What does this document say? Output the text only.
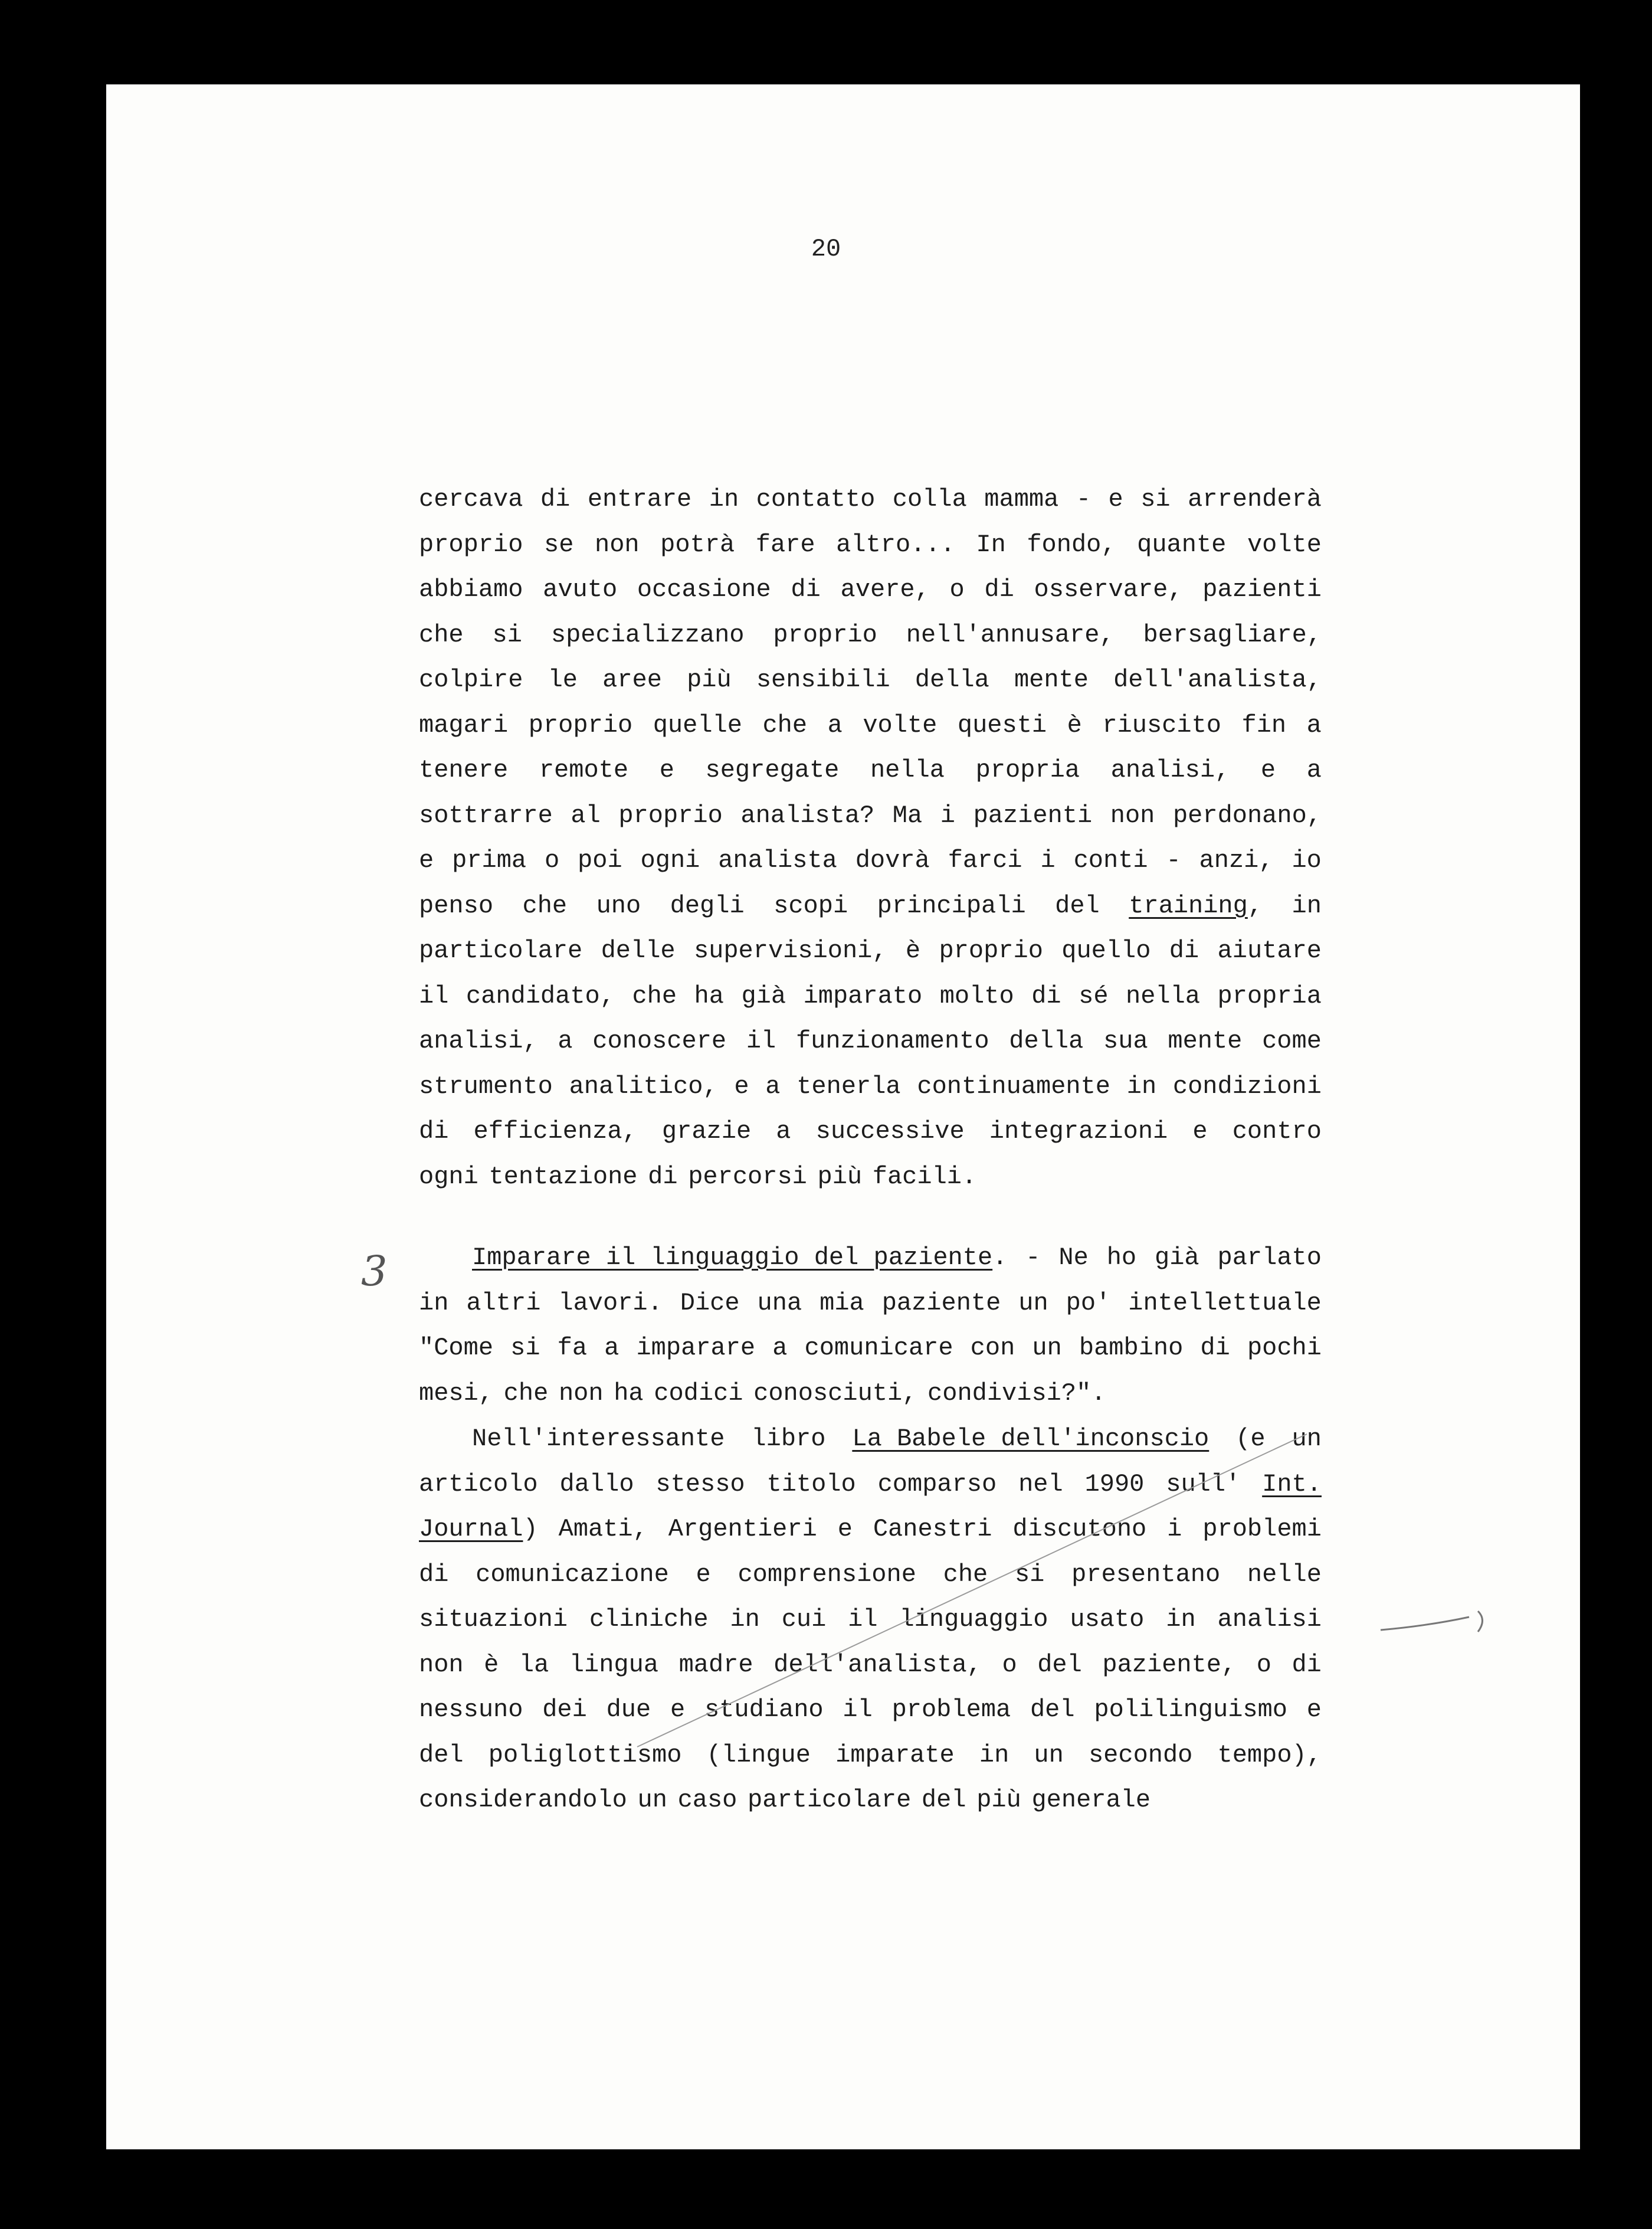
20
cercava di entrare in contatto colla mamma - e si arrenderà
proprio se non potrà fare altro... In fondo, quante volte
abbiamo avuto occasione di avere, o di osservare, pazienti
che si specializzano proprio nell'annusare, bersagliare,
colpire le aree più sensibili della mente dell'analista,
magari proprio quelle che a volte questi è riuscito fin a
tenere remote e segregate nella propria analisi, e a
sottrarre al proprio analista? Ma i pazienti non perdonano,
e prima o poi ogni analista dovrà farci i conti - anzi, io
penso che uno degli scopi principali del training, in
particolare delle supervisioni, è proprio quello di aiutare
il candidato, che ha già imparato molto di sé nella propria
analisi, a conoscere il funzionamento della sua mente come
strumento analitico, e a tenerla continuamente in condizioni
di efficienza, grazie a successive integrazioni e contro
ogni tentazione di percorsi più facili.
Imparare il linguaggio del paziente. - Ne ho già parlato
in altri lavori. Dice una mia paziente un po' intellettuale
"Come si fa a imparare a comunicare con un bambino di pochi
mesi, che non ha codici conosciuti, condivisi?".
Nell'interessante libro La Babele dell'inconscio (e un
articolo dallo stesso titolo comparso nel 1990 sull' Int.
Journal) Amati, Argentieri e Canestri discutono i problemi
di comunicazione e comprensione che si presentano nelle
situazioni cliniche in cui il linguaggio usato in analisi
non è la lingua madre dell'analista, o del paziente, o di
nessuno dei due e studiano il problema del polilinguismo e
del poliglottismo (lingue imparate in un secondo tempo),
considerandolo un caso particolare del più generale
3
